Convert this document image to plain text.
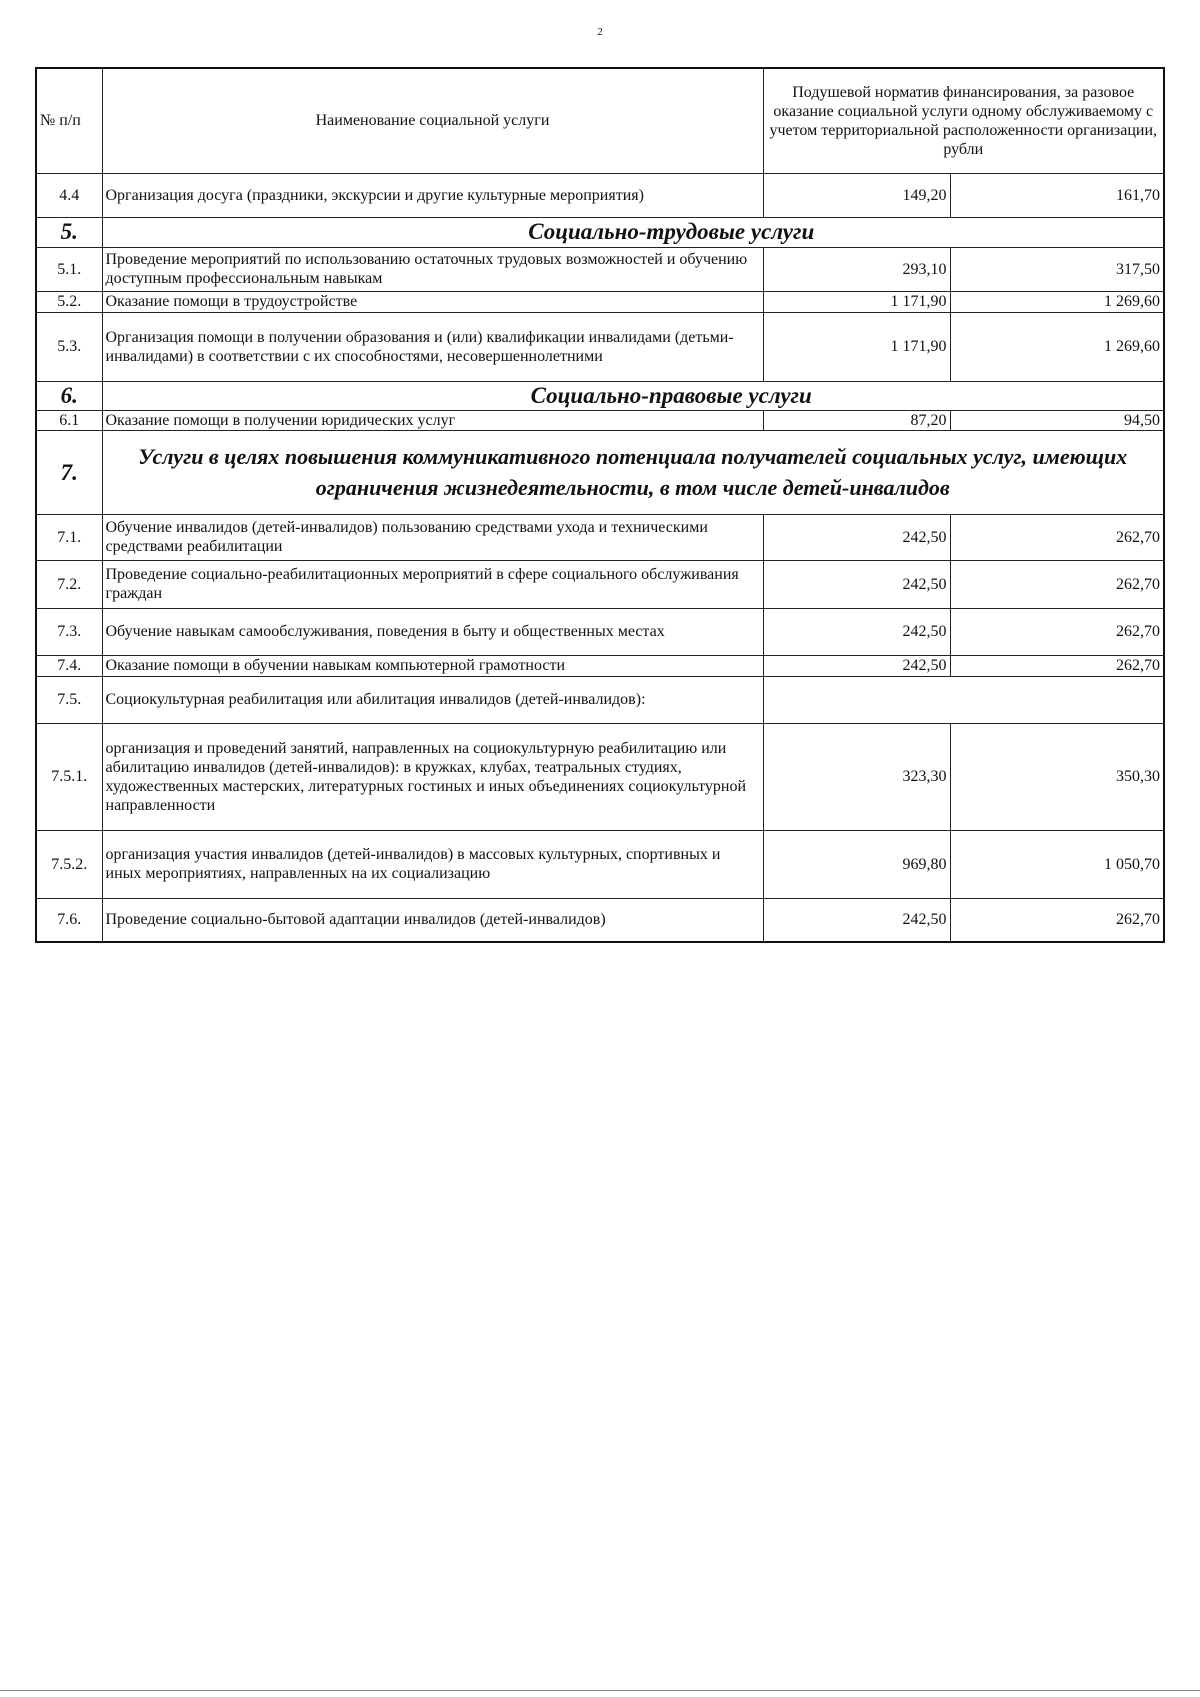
2
№ п/п	Наименование социальной услуги	Подушевой норматив финансирования, за разовое оказание социальной услуги одному обслуживаемому с учетом территориальной расположенности организации, рубли	
4.4	Организация досуга (праздники, экскурсии и другие культурные мероприятия)	149,20	161,70
5.	Социально-трудовые услуги		
5.1.	Проведение мероприятий по использованию остаточных трудовых возможностей и обучению доступным профессиональным навыкам	293,10	317,50
5.2.	Оказание помощи в трудоустройстве	1 171,90	1 269,60
5.3.	Организация помощи в получении образования и (или) квалификации инвалидами (детьми-инвалидами) в соответствии с их способностями, несовершеннолетними	1 171,90	1 269,60
6.	Социально-правовые услуги		
6.1	Оказание помощи в получении юридических услуг	87,20	94,50
7.	Услуги в целях повышения коммуникативного потенциала получателей социальных услуг, имеющих ограничения жизнедеятельности, в том числе детей-инвалидов		
7.1.	Обучение инвалидов (детей-инвалидов) пользованию средствами ухода и техническими средствами реабилитации	242,50	262,70
7.2.	Проведение социально-реабилитационных мероприятий в сфере социального обслуживания граждан	242,50	262,70
7.3.	Обучение навыкам самообслуживания, поведения в быту и общественных местах	242,50	262,70
7.4.	Оказание помощи в обучении навыкам компьютерной грамотности	242,50	262,70
7.5.	Социокультурная реабилитация или абилитация инвалидов (детей-инвалидов):		
7.5.1.	организация и проведений занятий, направленных на социокультурную реабилитацию или абилитацию инвалидов (детей-инвалидов): в кружках, клубах, театральных студиях, художественных мастерских, литературных гостиных и иных объединениях социокультурной направленности	323,30	350,30
7.5.2.	организация участия инвалидов (детей-инвалидов) в массовых культурных, спортивных и иных мероприятиях, направленных на их социализацию	969,80	1 050,70
7.6.	Проведение социально-бытовой адаптации инвалидов (детей-инвалидов)	242,50	262,70
